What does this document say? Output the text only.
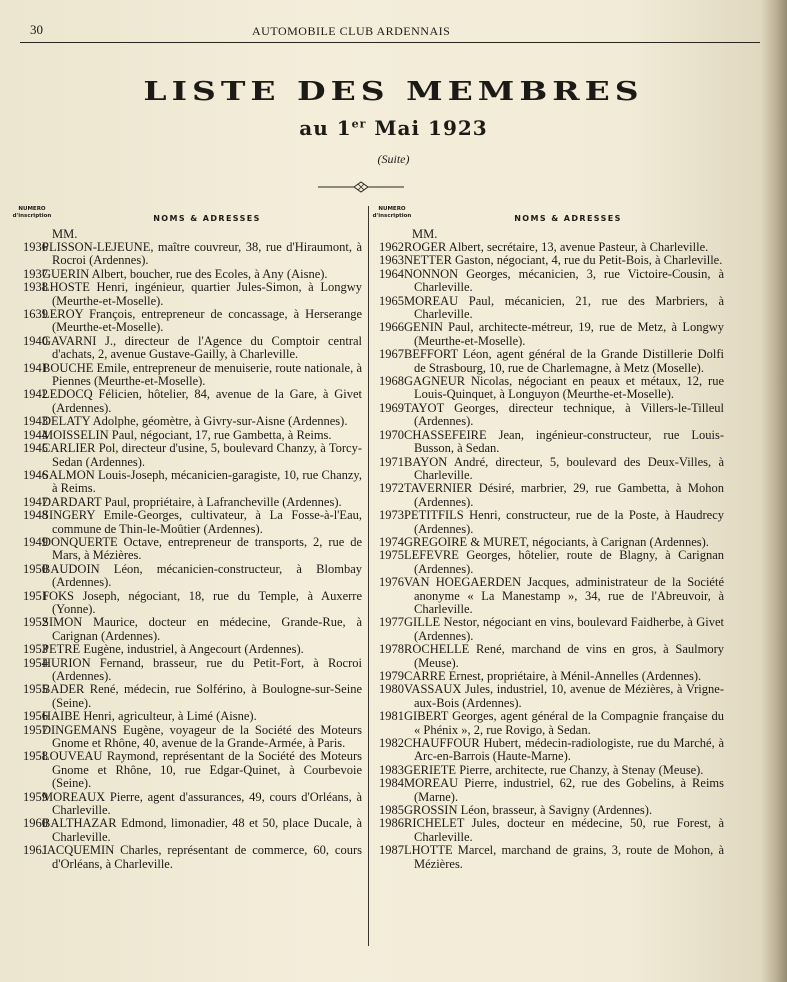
30	AUTOMOBILE CLUB ARDENNAIS
LISTE DES MEMBRES
au 1er Mai 1923
(Suite)
NUMERO d'inscription	NOMS & ADRESSES
MM.
1936
PLISSON-LEJEUNE, maître couvreur, 38, rue d'Hiraumont, à Rocroi (Ardennes).
1937
GUERIN Albert, boucher, rue des Ecoles, à Any (Aisne).
1938
LHOSTE Henri, ingénieur, quartier Jules-Simon, à Longwy (Meurthe-et-Moselle).
1639
LEROY François, entrepreneur de concassage, à Herserange (Meurthe-et-Moselle).
1940
GAVARNI J., directeur de l'Agence du Comptoir central d'achats, 2, avenue Gustave-Gailly, à Charleville.
1941
BOUCHE Emile, entrepreneur de menuiserie, route nationale, à Piennes (Meurthe-et-Moselle).
1942
LEDOCQ Félicien, hôtelier, 84, avenue de la Gare, à Givet (Ardennes).
1943
DELATY Adolphe, géomètre, à Givry-sur-Aisne (Ardennes).
1944
MOISSELIN Paul, négociant, 17, rue Gambetta, à Reims.
1945
CARLIER Pol, directeur d'usine, 5, boulevard Chanzy, à Torcy-Sedan (Ardennes).
1946
SALMON Louis-Joseph, mécanicien-garagiste, 10, rue Chanzy, à Reims.
1947
DARDART Paul, propriétaire, à Lafrancheville (Ardennes).
1948
SINGERY Emile-Georges, cultivateur, à La Fosse-à-l'Eau, commune de Thin-le-Moûtier (Ardennes).
1949
DONQUERTE Octave, entrepreneur de transports, 2, rue de Mars, à Mézières.
1950
BAUDOIN Léon, mécanicien-constructeur, à Blombay (Ardennes).
1951
FOKS Joseph, négociant, 18, rue du Temple, à Auxerre (Yonne).
1952
SIMON Maurice, docteur en médecine, Grande-Rue, à Carignan (Ardennes).
1953
PETRE Eugène, industriel, à Angecourt (Ardennes).
1954
HURION Fernand, brasseur, rue du Petit-Fort, à Rocroi (Ardennes).
1955
BADER René, médecin, rue Solférino, à Boulogne-sur-Seine (Seine).
1956
HAIBE Henri, agriculteur, à Limé (Aisne).
1957
DINGEMANS Eugène, voyageur de la Société des Moteurs Gnome et Rhône, 40, avenue de la Grande-Armée, à Paris.
1958
LOUVEAU Raymond, représentant de la Société des Moteurs Gnome et Rhône, 10, rue Edgar-Quinet, à Courbevoie (Seine).
1959
MOREAUX Pierre, agent d'assurances, 49, cours d'Orléans, à Charleville.
1960
BALTHAZAR Edmond, limonadier, 48 et 50, place Ducale, à Charleville.
1961
JACQUEMIN Charles, représentant de commerce, 60, cours d'Orléans, à Charleville.
NUMERO d'inscription	NOMS & ADRESSES
MM.
1962 ROGER Albert, secrétaire, 13, avenue Pasteur, à Charleville.
1963 NETTER Gaston, négociant, 4, rue du Petit-Bois, à Charleville.
1964 NONNON Georges, mécanicien, 3, rue Victoire-Cousin, à Charleville.
1965 MOREAU Paul, mécanicien, 21, rue des Marbriers, à Charleville.
1966 GENIN Paul, architecte-métreur, 19, rue de Metz, à Longwy (Meurthe-et-Moselle).
1967 BEFFORT Léon, agent général de la Grande Distillerie Dolfi de Strasbourg, 10, rue de Charlemagne, à Metz (Moselle).
1968 GAGNEUR Nicolas, négociant en peaux et métaux, 12, rue Louis-Quinquet, à Longuyon (Meurthe-et-Moselle).
1969 TAYOT Georges, directeur technique, à Villers-le-Tilleul (Ardennes).
1970 CHASSEFEIRE Jean, ingénieur-constructeur, rue Louis-Busson, à Sedan.
1971 BAYON André, directeur, 5, boulevard des Deux-Villes, à Charleville.
1972 TAVERNIER Désiré, marbrier, 29, rue Gambetta, à Mohon (Ardennes).
1973 PETITFILS Henri, constructeur, rue de la Poste, à Haudrecy (Ardennes).
1974 GREGOIRE & MURET, négociants, à Carignan (Ardennes).
1975 LEFEVRE Georges, hôtelier, route de Blagny, à Carignan (Ardennes).
1976 VAN HOEGAERDEN Jacques, administrateur de la Société anonyme « La Manestamp », 34, rue de l'Abreuvoir, à Charleville.
1977 GILLE Nestor, négociant en vins, boulevard Faidherbe, à Givet (Ardennes).
1978 ROCHELLE René, marchand de vins en gros, à Saulmory (Meuse).
1979 CARRE Ernest, propriétaire, à Ménil-Annelles (Ardennes).
1980 VASSAUX Jules, industriel, 10, avenue de Mézières, à Vrigne-aux-Bois (Ardennes).
1981 GIBERT Georges, agent général de la Compagnie française du « Phénix », 2, rue Rovigo, à Sedan.
1982 CHAUFFOUR Hubert, médecin-radiologiste, rue du Marché, à Arc-en-Barrois (Haute-Marne).
1983 GERIETE Pierre, architecte, rue Chanzy, à Stenay (Meuse).
1984 MOREAU Pierre, industriel, 62, rue des Gobelins, à Reims (Marne).
1985 GROSSIN Léon, brasseur, à Savigny (Ardennes).
1986 RICHELET Jules, docteur en médecine, 50, rue Forest, à Charleville.
1987 LHOTTE Marcel, marchand de grains, 3, route de Mohon, à Mézières.
